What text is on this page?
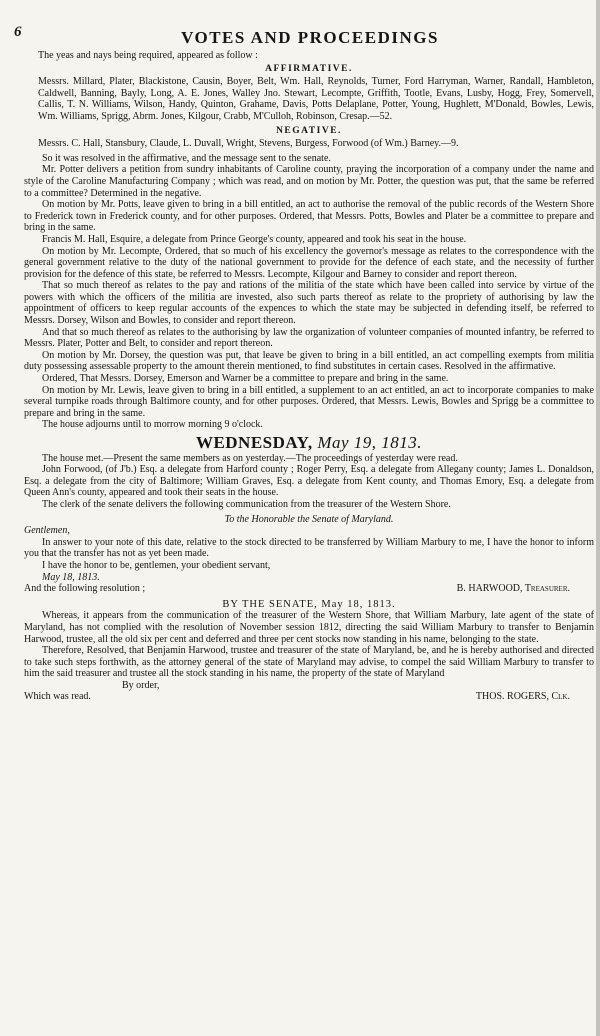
6	VOTES AND PROCEEDINGS

The yeas and nays being required, appeared as follow :

AFFIRMATIVE.

Messrs. Millard, Plater, Blackistone, Causin, Boyer, Belt, Wm. Hall, Reynolds, Turner, Ford Harryman, Warner, Randall, Hambleton, Caldwell, Banning, Bayly, Long, A. E. Jones, Walley Jno. Stewart, Lecompte, Griffith, Tootle, Evans, Lusby, Hogg, Frey, Somervell, Callis, T. N. Williams, Wilson, Handy, Quinton, Grahame, Davis, Potts Delaplane, Potter, Young, Hughlett, M'Donald, Bowles, Lewis, Wm. Williams, Sprigg, Abrm. Jones, Kilgour, Crabb, M'Culloh, Robinson, Cresap.—52.

NEGATIVE.

Messrs. C. Hall, Stansbury, Claude, L. Duvall, Wright, Stevens, Burgess, Forwood (of Wm.) Barney.—9.

So it was resolved in the affirmative, and the message sent to the senate.

Mr. Potter delivers a petition from sundry inhabitants of Caroline county, praying the incorporation of a company under the name and style of the Caroline Manufacturing Company ; which was read, and on motion by Mr. Potter, the question was put, that the same be referred to a committee? Determined in the negative.

On motion by Mr. Potts, leave given to bring in a bill entitled, an act to authorise the removal of the public records of the Western Shore to Frederick town in Frederick county, and for other purposes. Ordered, that Messrs. Potts, Bowles and Plater be a committee to prepare and bring in the same.

Francis M. Hall, Esquire, a delegate from Prince George's county, appeared and took his seat in the house.

On motion by Mr. Lecompte, Ordered, that so much of his excellency the governor's message as relates to the correspondence with the general government relative to the duty of the national government to provide for the defence of each state, and the necessity of further provision for the defence of this state, be referred to Messrs. Lecompte, Kilgour and Barney to consider and report thereon.

That so much thereof as relates to the pay and rations of the militia of the state which have been called into service by virtue of the powers with which the officers of the militia are invested, also such parts thereof as relate to the propriety of authorising by law the appointment of officers to keep regular accounts of the expences to which the state may be subjected in defending itself, be referred to Messrs. Dorsey, Wilson and Bowles, to consider and report thereon.

And that so much thereof as relates to the authorising by law the organization of volunteer companies of mounted infantry, be referred to Messrs. Plater, Potter and Belt, to consider and report thereon.

On motion by Mr. Dorsey, the question was put, that leave be given to bring in a bill entitled, an act compelling exempts from militia duty possessing assessable property to the amount therein mentioned, to find substitutes in certain cases. Resolved in the affirmative.

Ordered, That Messrs. Dorsey, Emerson and Warner be a committee to prepare and bring in the same.

On motion by Mr. Lewis, leave given to bring in a bill entitled, a supplement to an act entitled, an act to incorporate companies to make several turnpike roads through Baltimore county, and for other purposes. Ordered, that Messrs. Lewis, Bowles and Sprigg be a committee to prepare and bring in the same.

The house adjourns until to morrow morning 9 o'clock.

WEDNESDAY, May 19, 1813.

The house met.—Present the same members as on yesterday.—The proceedings of yesterday were read.

John Forwood, (of J'b.) Esq. a delegate from Harford county ; Roger Perry, Esq. a delegate from Allegany county; James L. Donaldson, Esq. a delegate from the city of Baltimore; William Graves, Esq. a delegate from Kent county, and Thomas Emory, Esq. a delegate from Queen Ann's county, appeared and took their seats in the house.

The clerk of the senate delivers the following communication from the treasurer of the Western Shore.

To the Honorable the Senate of Maryland.

Gentlemen,

In answer to your note of this date, relative to the stock directed to be transferred by William Marbury to me, I have the honor to inform you that the transfer has not as yet been made.

I have the honor to be, gentlemen, your obedient servant,

May 18, 1813.

And the following resolution ;	B. HARWOOD, Treasurer.
BY THE SENATE, May 18, 1813.

Whereas, it appears from the communication of the treasurer of the Western Shore, that William Marbury, late agent of the state of Maryland, has not complied with the resolution of November session 1812, directing the said William Marbury to transfer to Benjamin Harwood, trustee, all the old six per cent and deferred and three per cent stocks now standing in his name, belonging to the state.

Therefore, Resolved, that Benjamin Harwood, trustee and treasurer of the state of Maryland, be, and he is hereby authorised and directed to take such steps forthwith, as the attorney general of the state of Maryland may advise, to compel the said William Marbury to transfer to him the said treasurer and trustee all the stock standing in his name, the property of the state of Maryland

By order,

Which was read.	THOS. ROGERS, Clk.
